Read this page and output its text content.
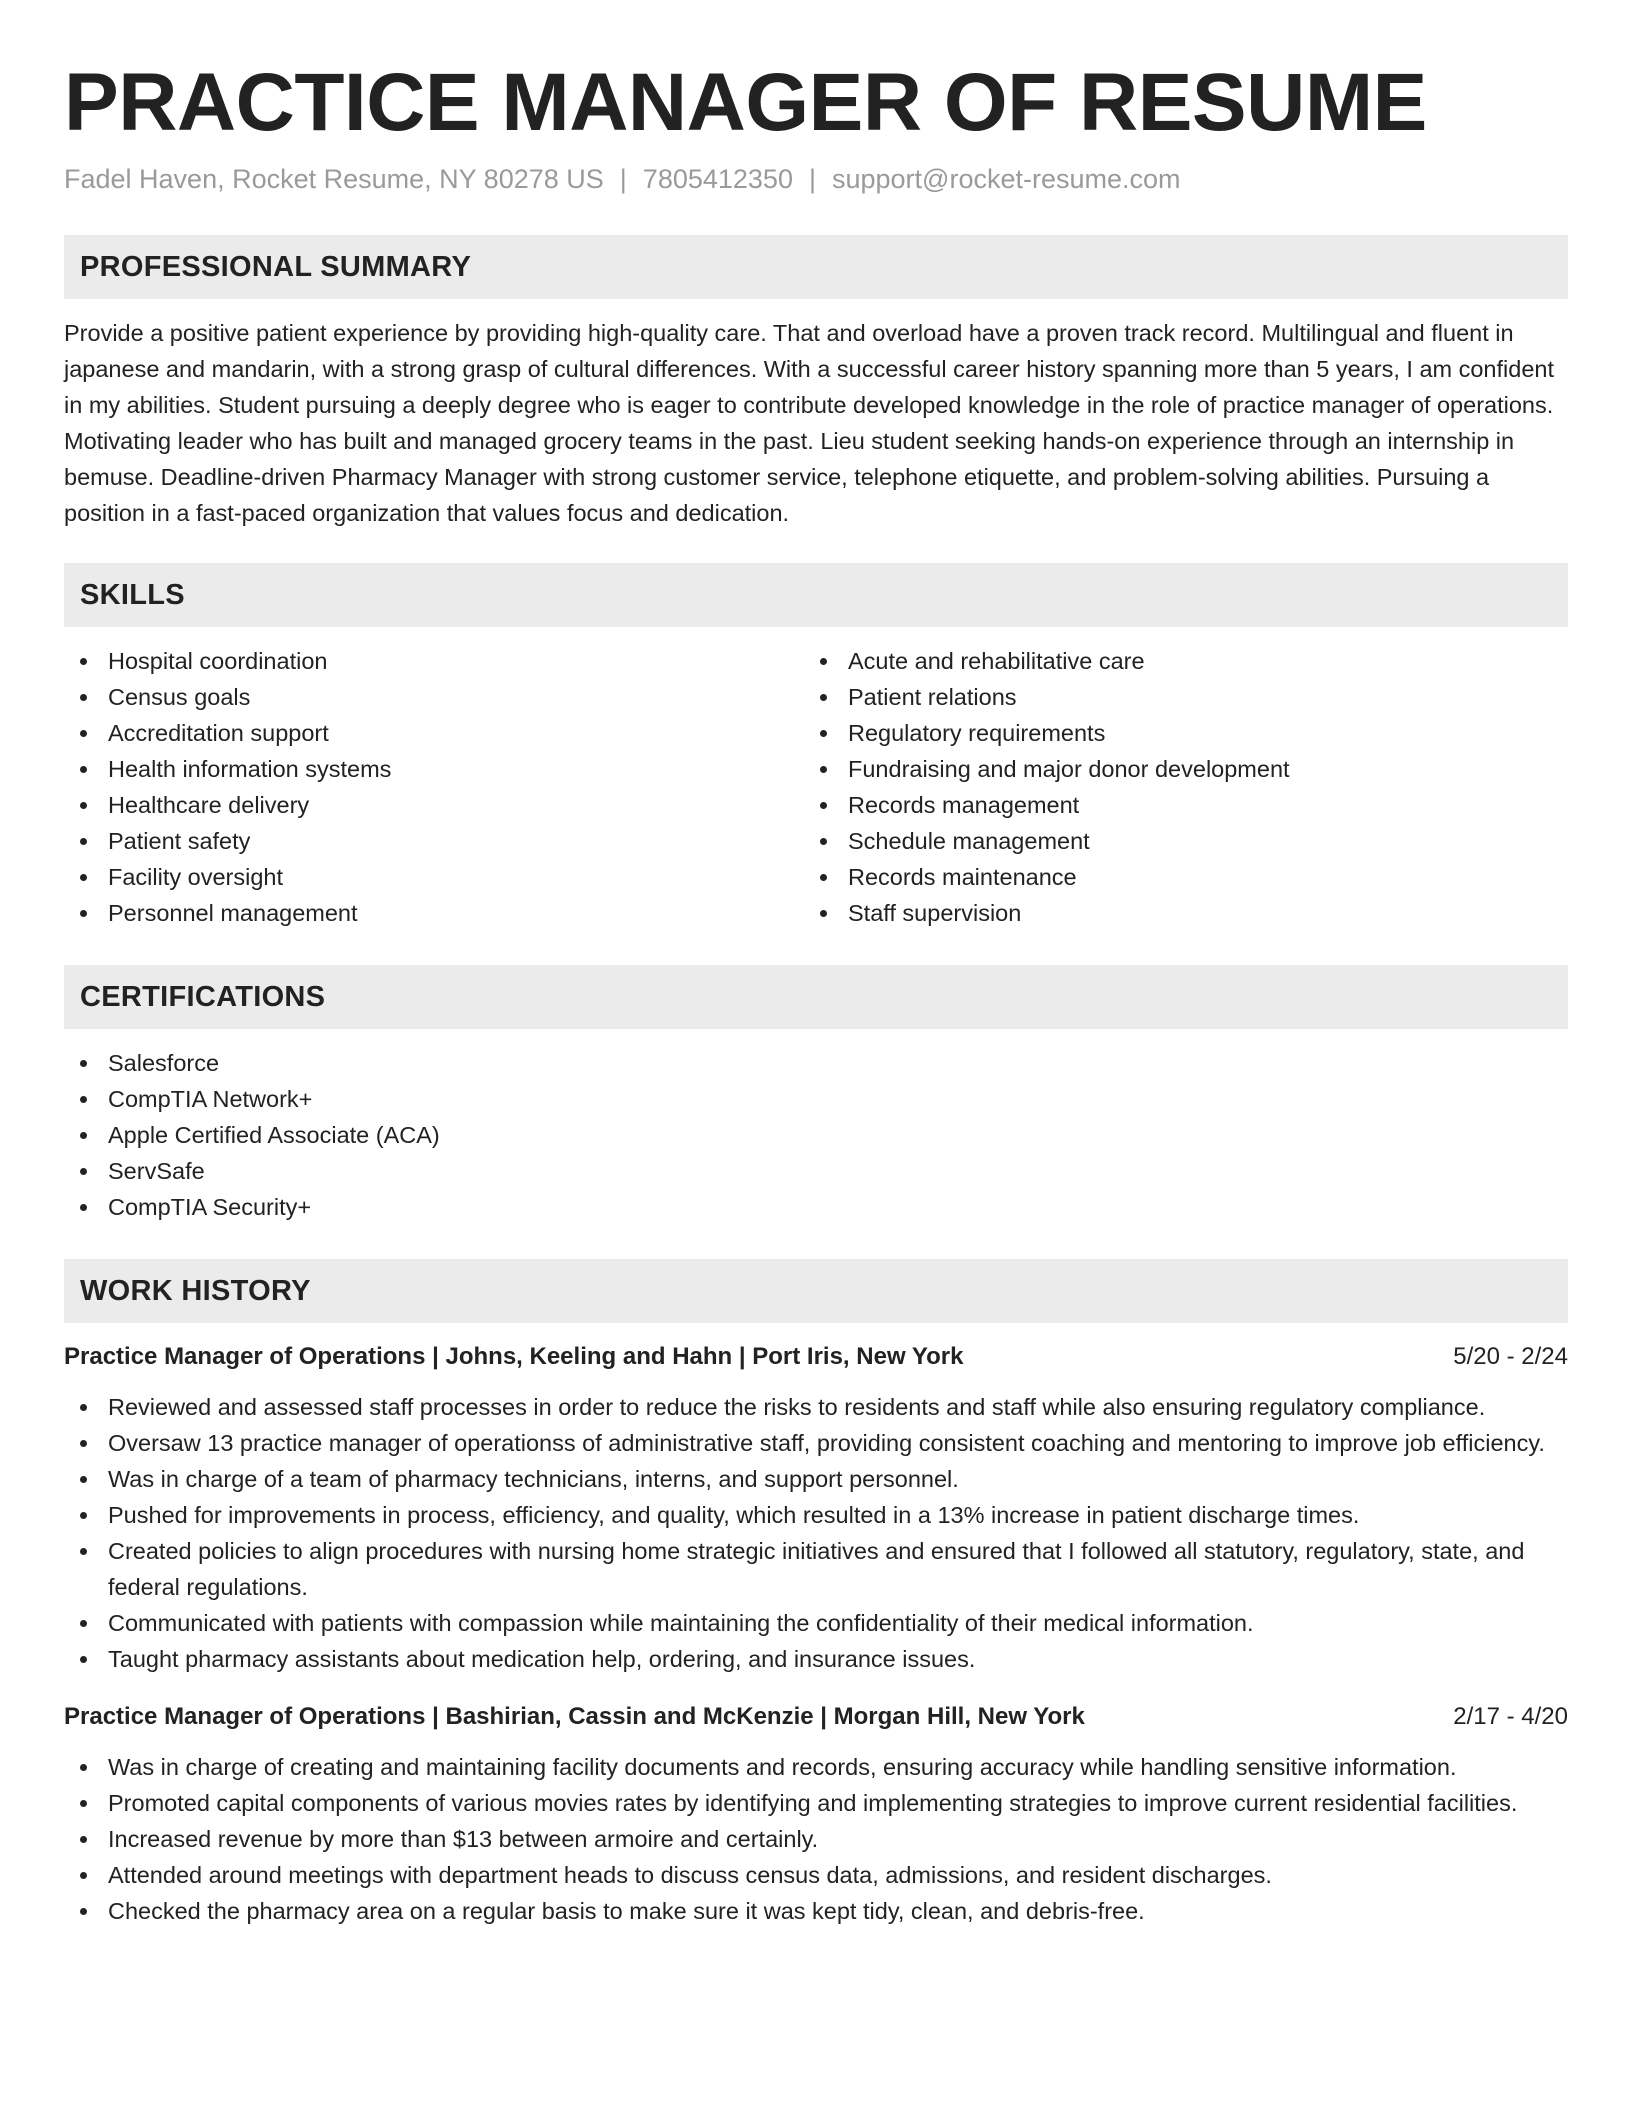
PRACTICE MANAGER OF RESUME
Fadel Haven, Rocket Resume, NY 80278 US | 7805412350 | support@rocket-resume.com
PROFESSIONAL SUMMARY

Provide a positive patient experience by providing high-quality care. That and overload have a proven track record. Multilingual and fluent in japanese and mandarin, with a strong grasp of cultural differences. With a successful career history spanning more than 5 years, I am confident in my abilities. Student pursuing a deeply degree who is eager to contribute developed knowledge in the role of practice manager of operations. Motivating leader who has built and managed grocery teams in the past. Lieu student seeking hands-on experience through an internship in bemuse. Deadline-driven Pharmacy Manager with strong customer service, telephone etiquette, and problem-solving abilities. Pursuing a position in a fast-paced organization that values focus and dedication.

SKILLS
Hospital coordination
Census goals
Accreditation support
Health information systems
Healthcare delivery
Patient safety
Facility oversight
Personnel management
Acute and rehabilitative care
Patient relations
Regulatory requirements
Fundraising and major donor development
Records management
Schedule management
Records maintenance
Staff supervision
CERTIFICATIONS
Salesforce
CompTIA Network+
Apple Certified Associate (ACA)
ServSafe
CompTIA Security+
WORK HISTORY
Practice Manager of Operations | Johns, Keeling and Hahn | Port Iris, New York	5/20 - 2/24
Reviewed and assessed staff processes in order to reduce the risks to residents and staff while also ensuring regulatory compliance.
Oversaw 13 practice manager of operationss of administrative staff, providing consistent coaching and mentoring to improve job efficiency.
Was in charge of a team of pharmacy technicians, interns, and support personnel.
Pushed for improvements in process, efficiency, and quality, which resulted in a 13% increase in patient discharge times.
Created policies to align procedures with nursing home strategic initiatives and ensured that I followed all statutory, regulatory, state, and federal regulations.
Communicated with patients with compassion while maintaining the confidentiality of their medical information.
Taught pharmacy assistants about medication help, ordering, and insurance issues.
Practice Manager of Operations | Bashirian, Cassin and McKenzie | Morgan Hill, New York	2/17 - 4/20
Was in charge of creating and maintaining facility documents and records, ensuring accuracy while handling sensitive information.
Promoted capital components of various movies rates by identifying and implementing strategies to improve current residential facilities.
Increased revenue by more than $13 between armoire and certainly.
Attended around meetings with department heads to discuss census data, admissions, and resident discharges.
Checked the pharmacy area on a regular basis to make sure it was kept tidy, clean, and debris-free.
